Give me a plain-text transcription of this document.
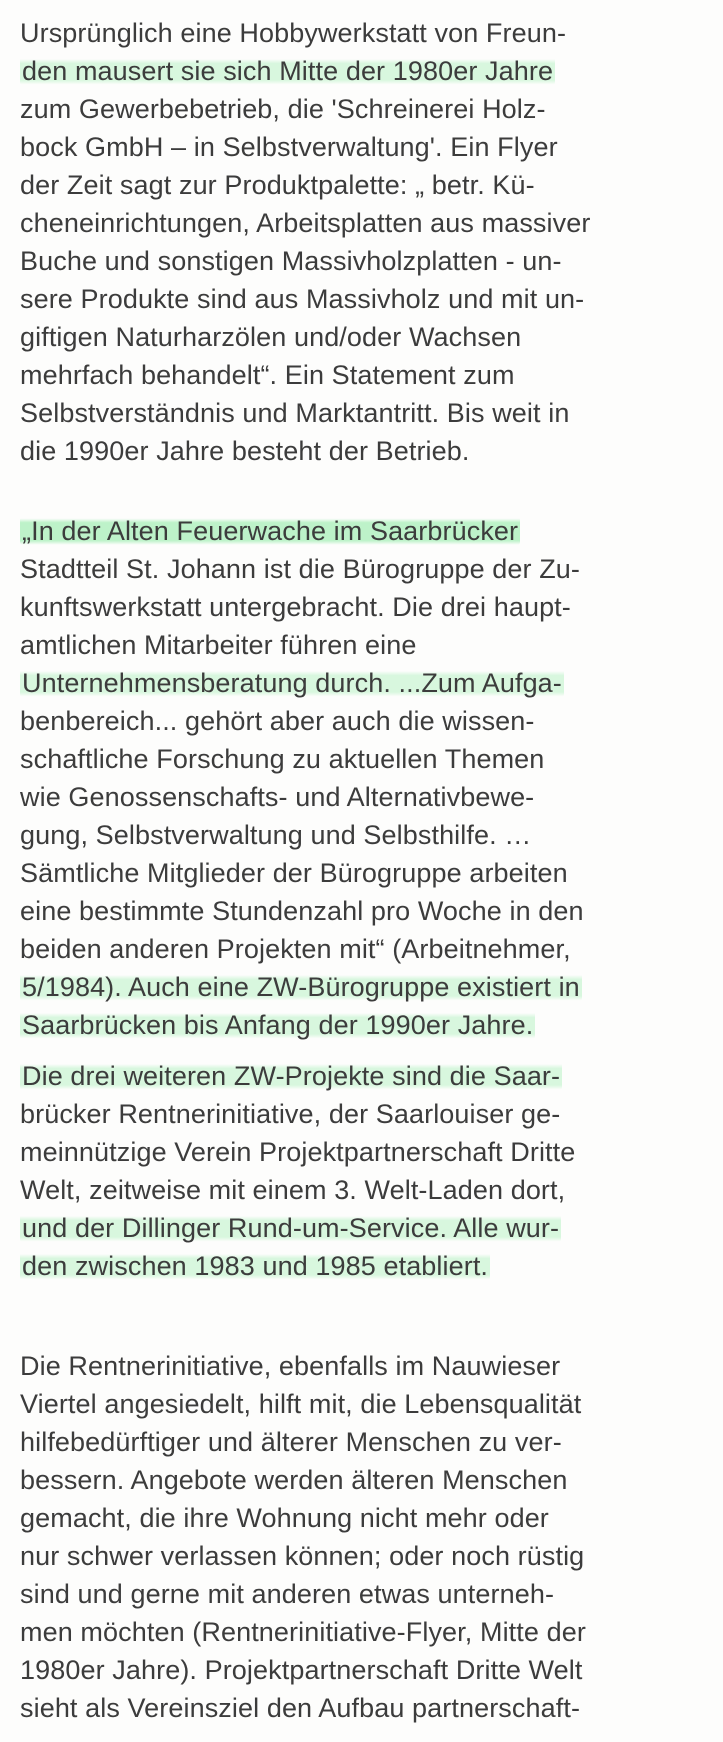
Ursprünglich eine Hobbywerkstatt von Freun-
den mausert sie sich Mitte der 1980er Jahre
zum Gewerbebetrieb, die 'Schreinerei Holz-
bock GmbH – in Selbstverwaltung'. Ein Flyer
der Zeit sagt zur Produktpalette: „ betr. Kü-
cheneinrichtungen, Arbeitsplatten aus massiver
Buche und sonstigen Massivholzplatten - un-
sere Produkte sind aus Massivholz und mit un-
giftigen Naturharzölen und/oder Wachsen
mehrfach behandelt“. Ein Statement zum
Selbstverständnis und Marktantritt. Bis weit in
die 1990er Jahre besteht der Betrieb.

„In der Alten Feuerwache im Saarbrücker
Stadtteil St. Johann ist die Bürogruppe der Zu-
kunftswerkstatt untergebracht. Die drei haupt-
amtlichen Mitarbeiter führen eine
Unternehmensberatung durch. ...Zum Aufga-
benbereich... gehört aber auch die wissen-
schaftliche Forschung zu aktuellen Themen
wie Genossenschafts- und Alternativbewe-
gung, Selbstverwaltung und Selbsthilfe. …
Sämtliche Mitglieder der Bürogruppe arbeiten
eine bestimmte Stundenzahl pro Woche in den
beiden anderen Projekten mit“ (Arbeitnehmer,
5/1984). Auch eine ZW-Bürogruppe existiert in
Saarbrücken bis Anfang der 1990er Jahre.

Die drei weiteren ZW-Projekte sind die Saar-
brücker Rentnerinitiative, der Saarlouiser ge-
meinnützige Verein Projektpartnerschaft Dritte
Welt, zeitweise mit einem 3. Welt-Laden dort,
und der Dillinger Rund-um-Service. Alle wur-
den zwischen 1983 und 1985 etabliert.

Die Rentnerinitiative, ebenfalls im Nauwieser
Viertel angesiedelt, hilft mit, die Lebensqualität
hilfebedürftiger und älterer Menschen zu ver-
bessern. Angebote werden älteren Menschen
gemacht, die ihre Wohnung nicht mehr oder
nur schwer verlassen können; oder noch rüstig
sind und gerne mit anderen etwas unterneh-
men möchten (Rentnerinitiative-Flyer, Mitte der
1980er Jahre). Projektpartnerschaft Dritte Welt
sieht als Vereinsziel den Aufbau partnerschaft-
